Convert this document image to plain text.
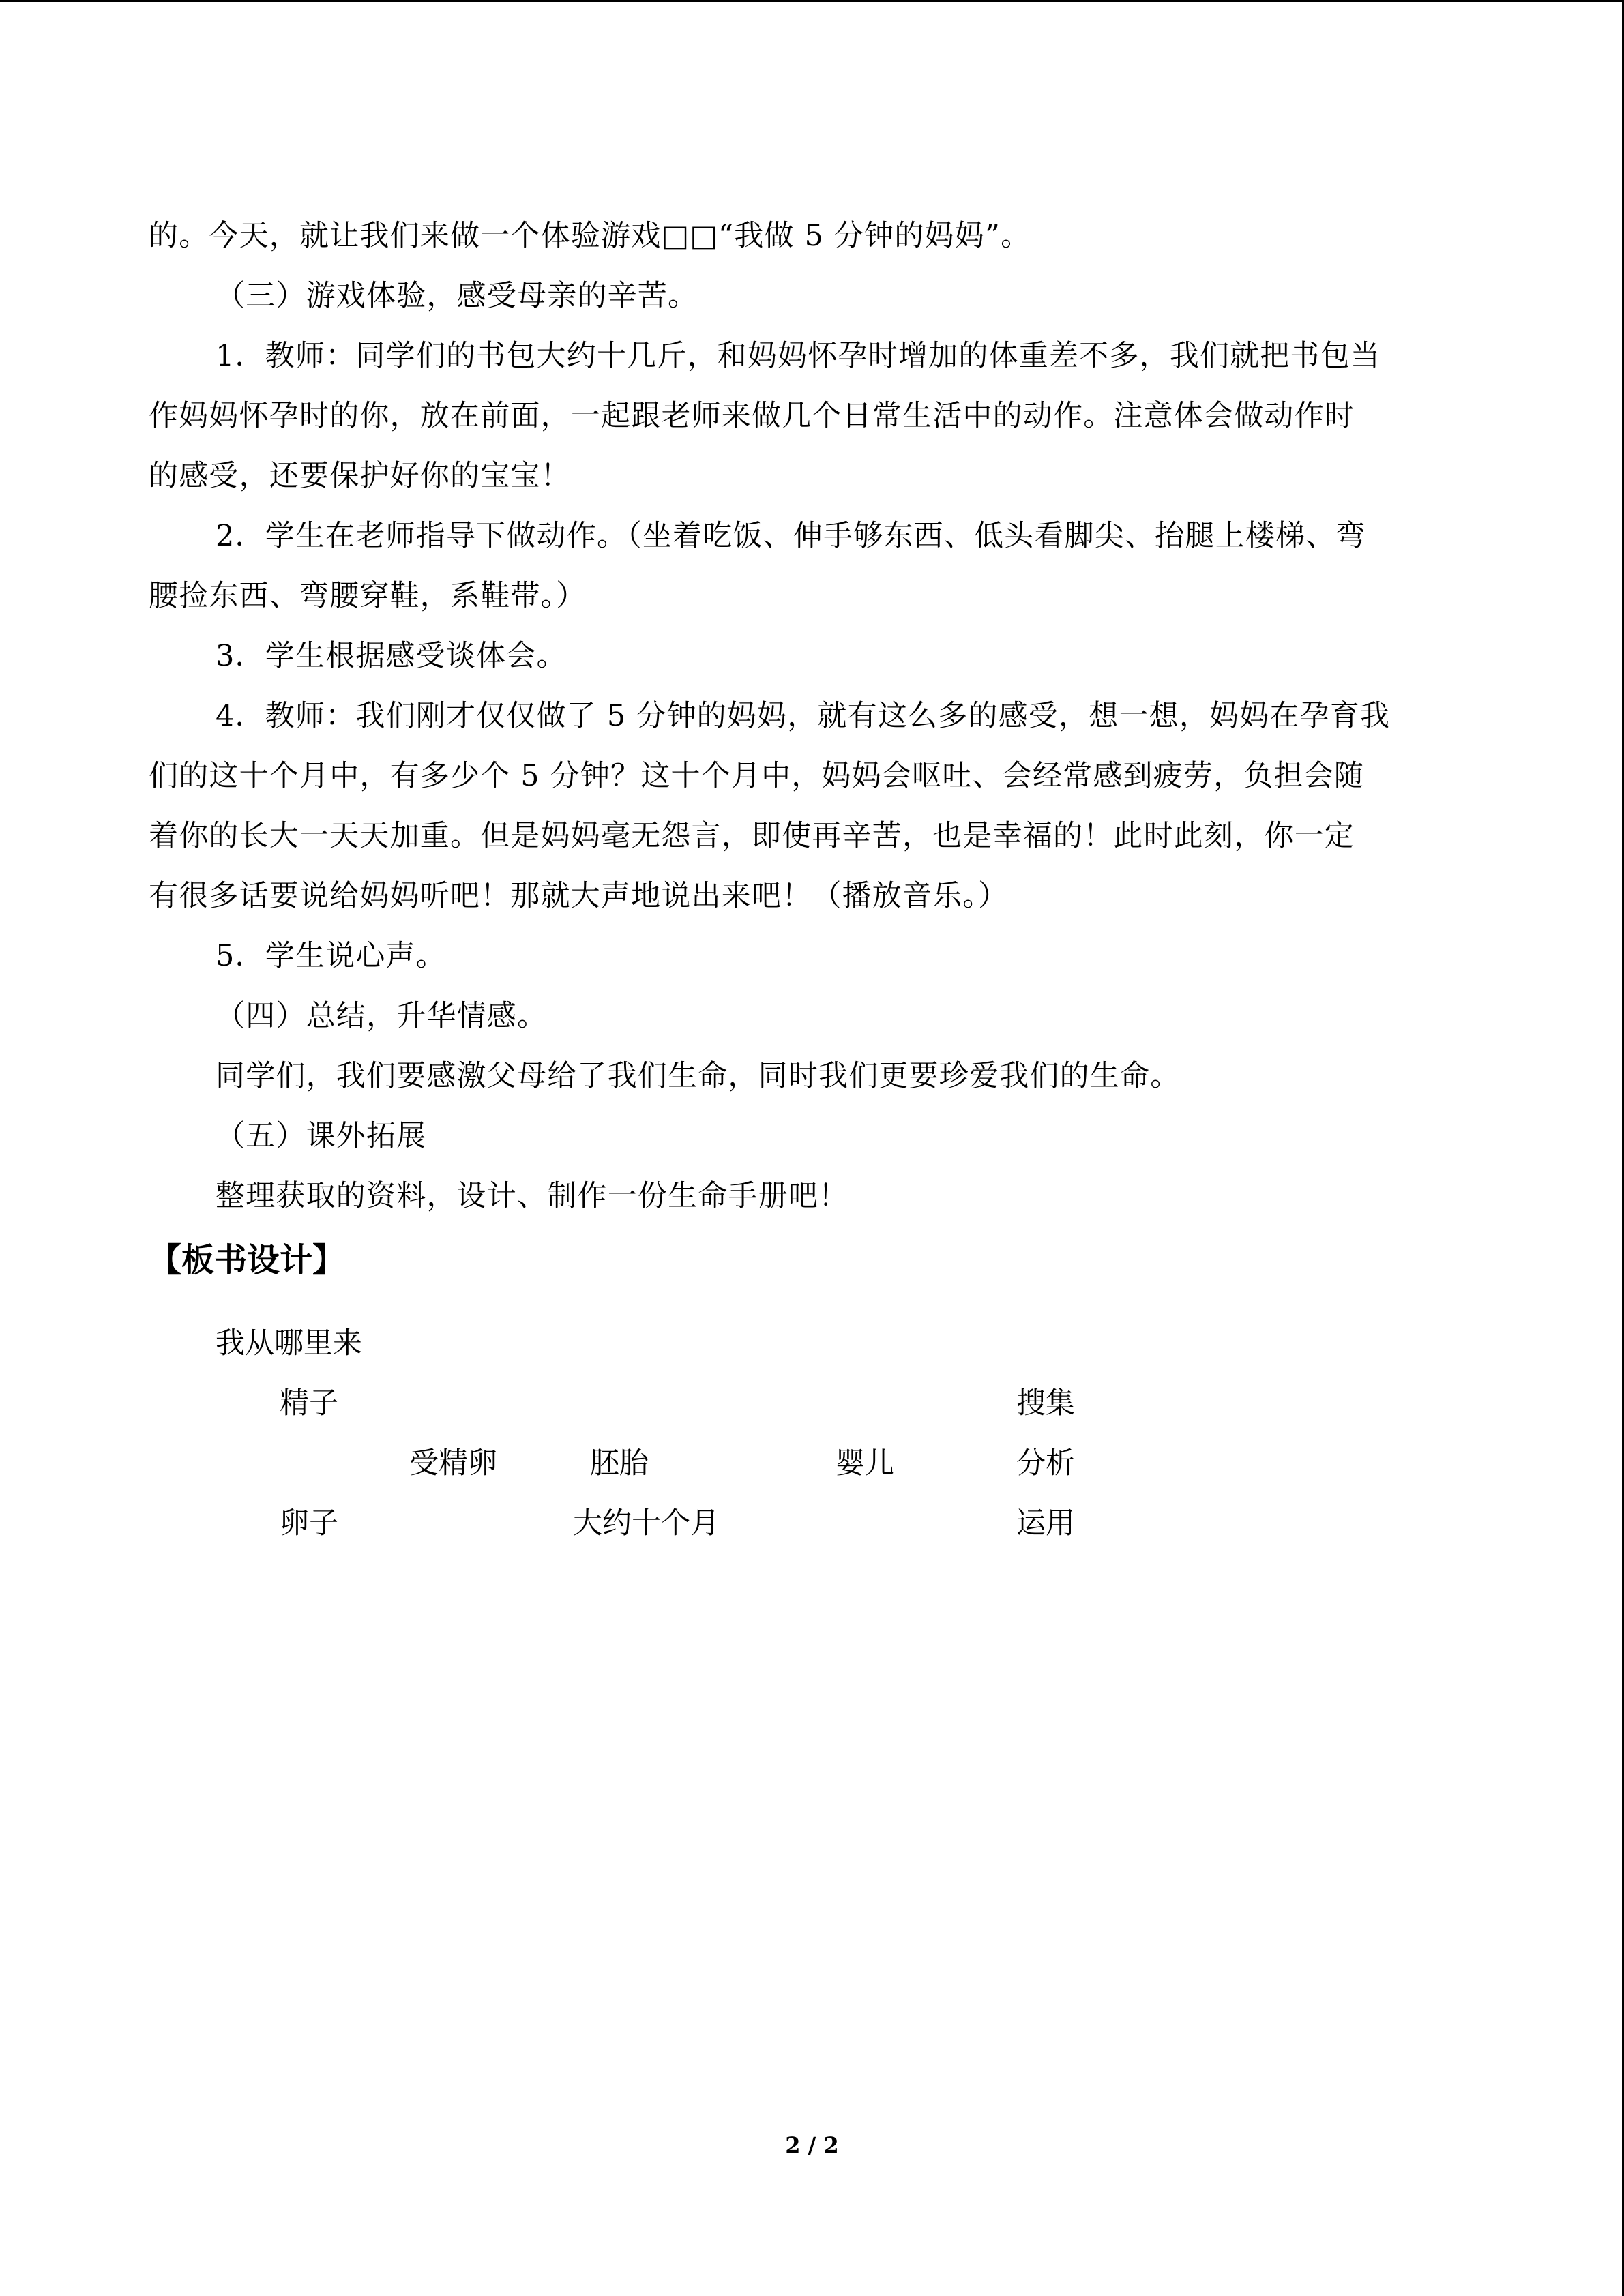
的。今天，就让我们来做一个体验游戏□□“我做 5 分钟的妈妈”。
（三）游戏体验，感受母亲的辛苦。
1．教师：同学们的书包大约十几斤，和妈妈怀孕时增加的体重差不多，我们就把书包当
作妈妈怀孕时的你，放在前面，一起跟老师来做几个日常生活中的动作。注意体会做动作时
的感受，还要保护好你的宝宝！
2．学生在老师指导下做动作。（坐着吃饭、伸手够东西、低头看脚尖、抬腿上楼梯、弯
腰捡东西、弯腰穿鞋，系鞋带。）
3．学生根据感受谈体会。
4．教师：我们刚才仅仅做了 5 分钟的妈妈，就有这么多的感受，想一想，妈妈在孕育我
们的这十个月中，有多少个 5 分钟？这十个月中，妈妈会呕吐、会经常感到疲劳，负担会随
着你的长大一天天加重。但是妈妈毫无怨言，即使再辛苦，也是幸福的！此时此刻，你一定
有很多话要说给妈妈听吧！那就大声地说出来吧！（播放音乐。）
5．学生说心声。
（四）总结，升华情感。
同学们，我们要感激父母给了我们生命，同时我们更要珍爱我们的生命。
（五）课外拓展
整理获取的资料，设计、制作一份生命手册吧！
【板书设计】
我从哪里来
精子	搜集
受精卵	胚胎	婴儿	分析
卵子	大约十个月	运用
2 / 2
